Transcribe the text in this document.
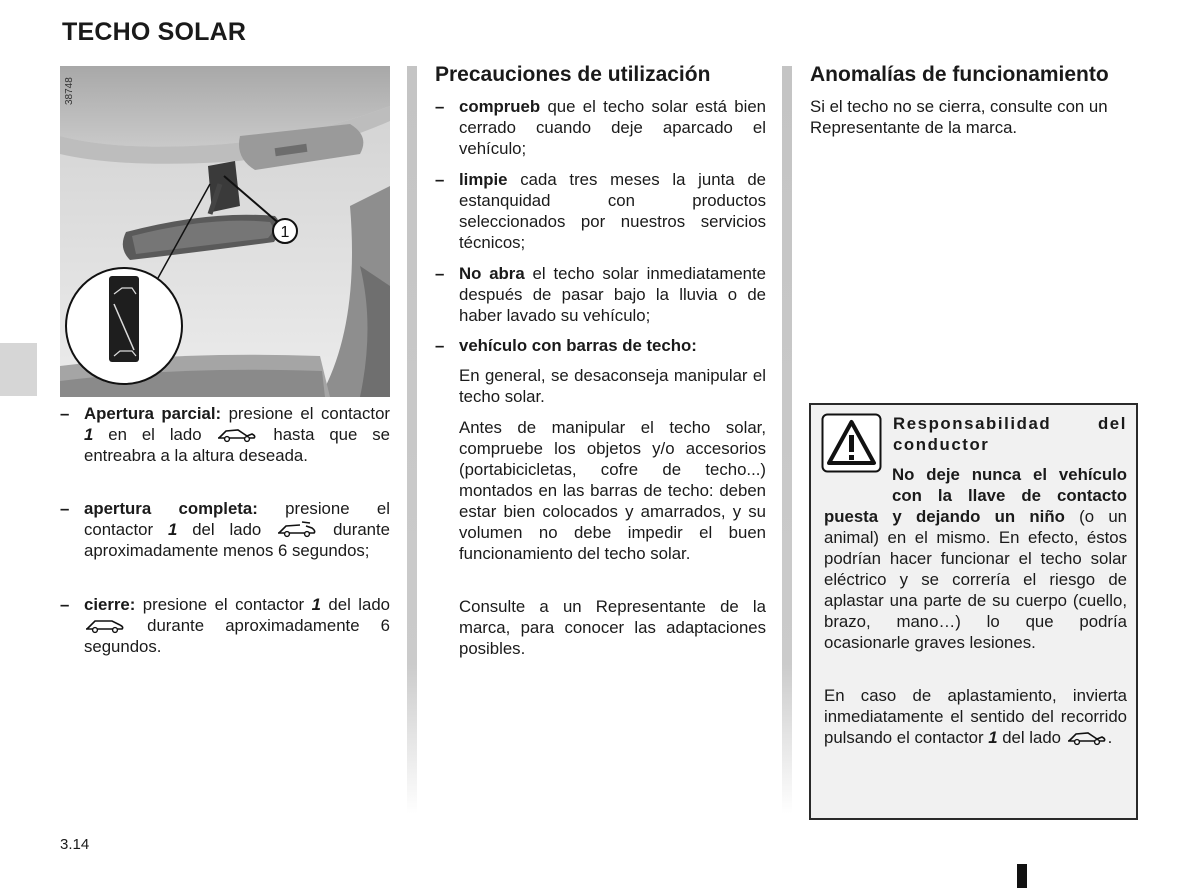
TECHO SOLAR
1
38748
– Apertura parcial: presione el contactor 1 en el lado	hasta que se entreabra a la altura deseada.
– apertura completa: presione el contactor 1 del lado	durante aproximadamente menos 6 segundos;
– cierre: presione el contactor 1 del lado  durante aproximadamente 6 segundos.
Precauciones de utilización
– comprueb que el techo solar está bien cerrado cuando deje aparcado el vehículo;
– limpie cada tres meses la junta de estanquidad con productos seleccionados por nuestros servicios técnicos;
– No abra el techo solar inmediatamente después de pasar bajo la lluvia o de haber lavado su vehículo;
– vehículo con barras de techo:
En general, se desaconseja manipular el techo solar.
Antes de manipular el techo solar, compruebe los objetos y/o accesorios (portabicicletas, cofre de techo...) montados en las barras de techo: deben estar bien colocados y amarrados, y su volumen no debe impedir el buen funcionamiento del techo solar.
Consulte a un Representante de la marca, para conocer las adaptaciones posibles.
Anomalías de funcionamiento
Si el techo no se cierra, consulte con un Representante de la marca.
Responsabilidad del conductor
No deje nunca el vehículo con la llave de contacto puesta y dejando un niño (o un animal) en el mismo. En efecto, éstos podrían hacer funcionar el techo solar eléctrico y se correría el riesgo de aplastar una parte de su cuerpo (cuello, brazo, mano…) lo que podría ocasionarle graves lesiones.
En caso de aplastamiento, invierta inmediatamente el sentido del recorrido pulsando el contactor 1 del lado	.
3.14
